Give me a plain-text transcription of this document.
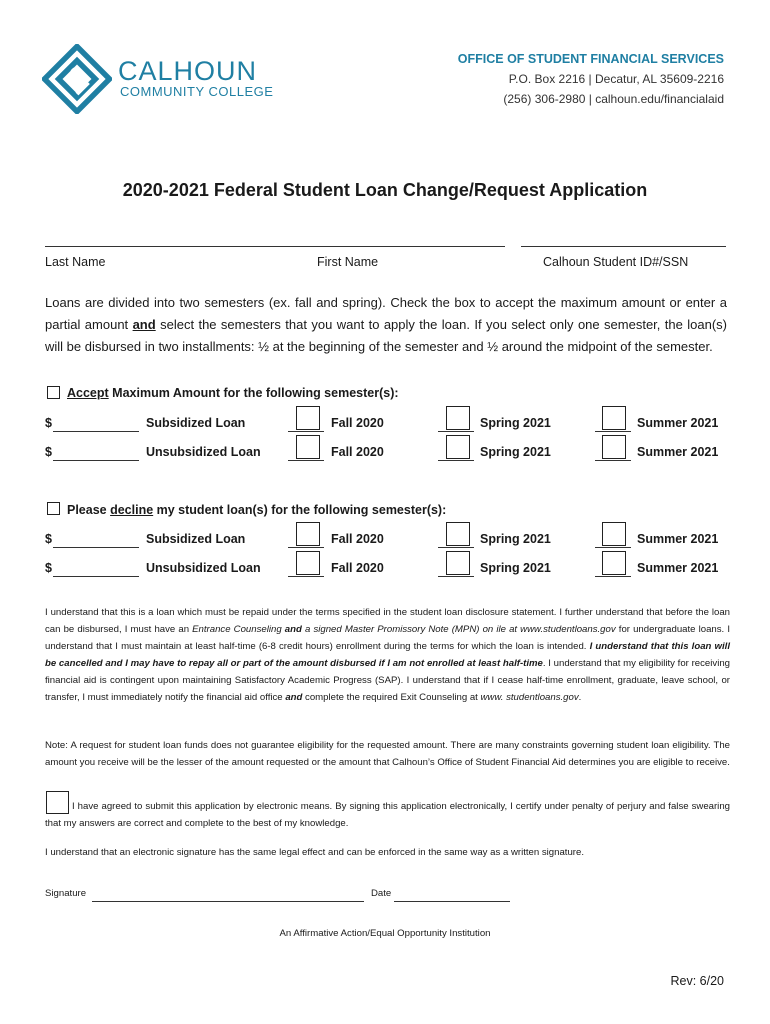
CALHOUN
COMMUNITY COLLEGE
OFFICE OF STUDENT FINANCIAL SERVICES
P.O. Box 2216 | Decatur, AL 35609-2216
(256) 306-2980 | calhoun.edu/financialaid
2020-2021 Federal Student Loan Change/Request Application
Last Name	First Name	Calhoun Student ID#/SSN
Loans are divided into two semesters (ex. fall and spring). Check the box to accept the maximum amount or enter a partial amount and select the semesters that you want to apply the loan. If you select only one semester, the loan(s) will be disbursed in two installments: ½ at the beginning of the semester and ½ around the midpoint of the semester.
Accept Maximum Amount for the following semester(s):
$	Subsidized Loan	Fall 2020	Spring 2021	Summer 2021
$	Unsubsidized Loan	Fall 2020	Spring 2021	Summer 2021
Please decline my student loan(s) for the following semester(s):
$	Subsidized Loan	Fall 2020	Spring 2021	Summer 2021
$	Unsubsidized Loan	Fall 2020	Spring 2021	Summer 2021
I understand that this is a loan which must be repaid under the terms specified in the student loan disclosure statement. I further understand that before the loan can be disbursed, I must have an Entrance Counseling and a signed Master Promissory Note (MPN) on ile at www.studentloans.gov for undergraduate loans. I understand that I must maintain at least half-time (6-8 credit hours) enrollment during the terms for which the loan is intended. I understand that this loan will be cancelled and I may have to repay all or part of the amount disbursed if I am not enrolled at least half-time. I understand that my eligibility for receiving financial aid is contingent upon maintaining Satisfactory Academic Progress (SAP). I understand that if I cease half-time enrollment, graduate, leave school, or transfer, I must immediately notify the financial aid office and complete the required Exit Counseling at www. studentloans.gov.
Note: A request for student loan funds does not guarantee eligibility for the requested amount. There are many constraints governing student loan eligibility. The amount you receive will be the lesser of the amount requested or the amount that Calhoun’s Office of Student Financial Aid determines you are eligible to receive.
I have agreed to submit this application by electronic means. By signing this application electronically, I certify under penalty of perjury and false swearing that my answers are correct and complete to the best of my knowledge.
I understand that an electronic signature has the same legal effect and can be enforced in the same way as a written signature.
Signature	Date
An Affirmative Action/Equal Opportunity Institution
Rev: 6/20
